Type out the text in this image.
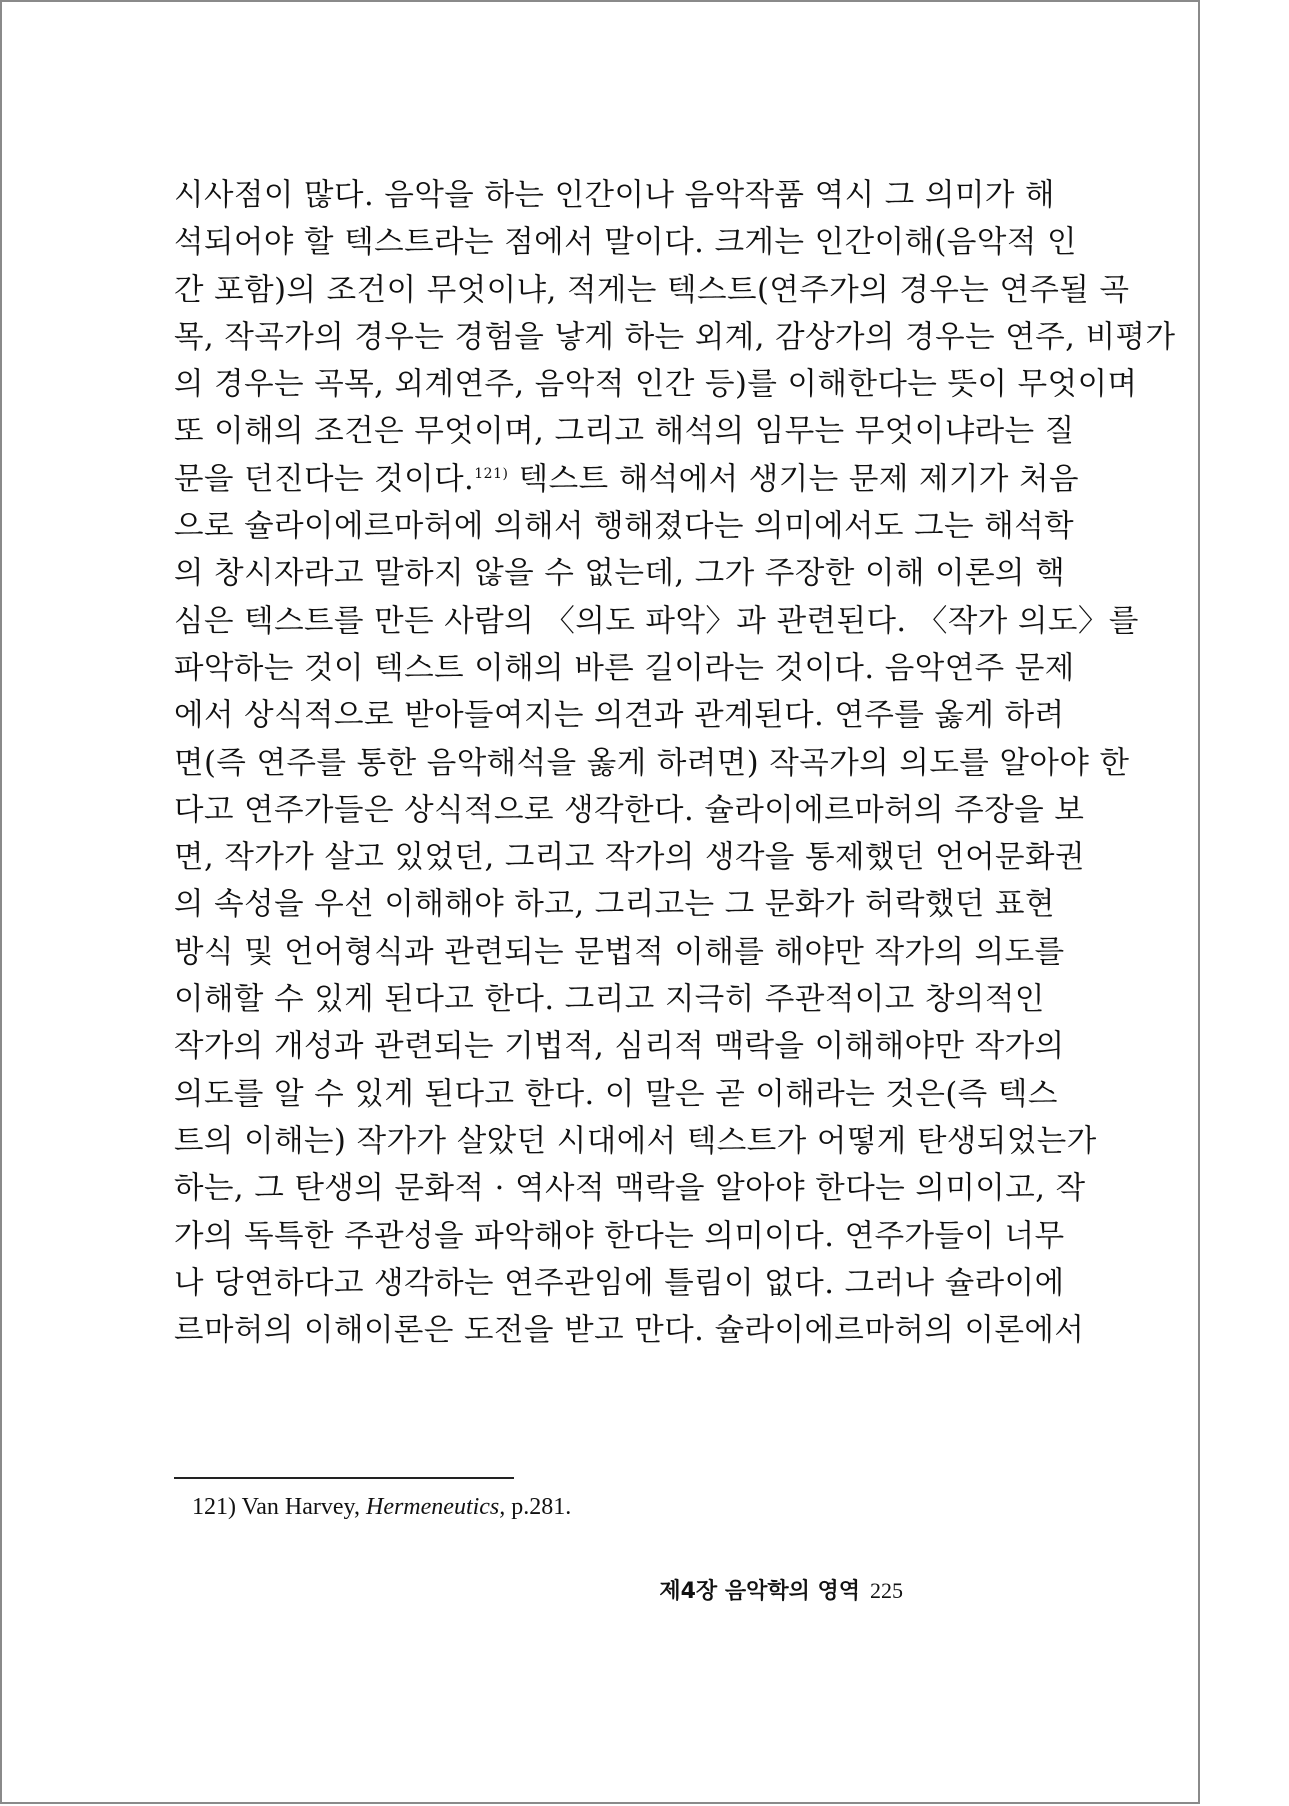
시사점이 많다. 음악을 하는 인간이나 음악작품 역시 그 의미가 해
석되어야 할 텍스트라는 점에서 말이다. 크게는 인간이해(음악적 인
간 포함)의 조건이 무엇이냐, 적게는 텍스트(연주가의 경우는 연주될 곡
목, 작곡가의 경우는 경험을 낳게 하는 외계, 감상가의 경우는 연주, 비평가
의 경우는 곡목, 외계연주, 음악적 인간 등)를 이해한다는 뜻이 무엇이며
또 이해의 조건은 무엇이며, 그리고 해석의 임무는 무엇이냐라는 질
문을 던진다는 것이다.$^{121)}$ 텍스트 해석에서 생기는 문제 제기가 처음
으로 슐라이에르마허에 의해서 행해졌다는 의미에서도 그는 해석학
의 창시자라고 말하지 않을 수 없는데, 그가 주장한 이해 이론의 핵
심은 텍스트를 만든 사람의 〈의도 파악〉과 관련된다. 〈작가 의도〉를
파악하는 것이 텍스트 이해의 바른 길이라는 것이다. 음악연주 문제
에서 상식적으로 받아들여지는 의견과 관계된다. 연주를 옳게 하려
면(즉 연주를 통한 음악해석을 옳게 하려면) 작곡가의 의도를 알아야 한
다고 연주가들은 상식적으로 생각한다. 슐라이에르마허의 주장을 보
면, 작가가 살고 있었던, 그리고 작가의 생각을 통제했던 언어문화권
의 속성을 우선 이해해야 하고, 그리고는 그 문화가 허락했던 표현
방식 및 언어형식과 관련되는 문법적 이해를 해야만 작가의 의도를
이해할 수 있게 된다고 한다. 그리고 지극히 주관적이고 창의적인
작가의 개성과 관련되는 기법적, 심리적 맥락을 이해해야만 작가의
의도를 알 수 있게 된다고 한다. 이 말은 곧 이해라는 것은(즉 텍스
트의 이해는) 작가가 살았던 시대에서 텍스트가 어떻게 탄생되었는가
하는, 그 탄생의 문화적 · 역사적 맥락을 알아야 한다는 의미이고, 작
가의 독특한 주관성을 파악해야 한다는 의미이다. 연주가들이 너무
나 당연하다고 생각하는 연주관임에 틀림이 없다. 그러나 슐라이에
르마허의 이해이론은 도전을 받고 만다. 슐라이에르마허의 이론에서
121) Van Harvey, Hermeneutics, p.281.
제4장 음악학의 영역 225
